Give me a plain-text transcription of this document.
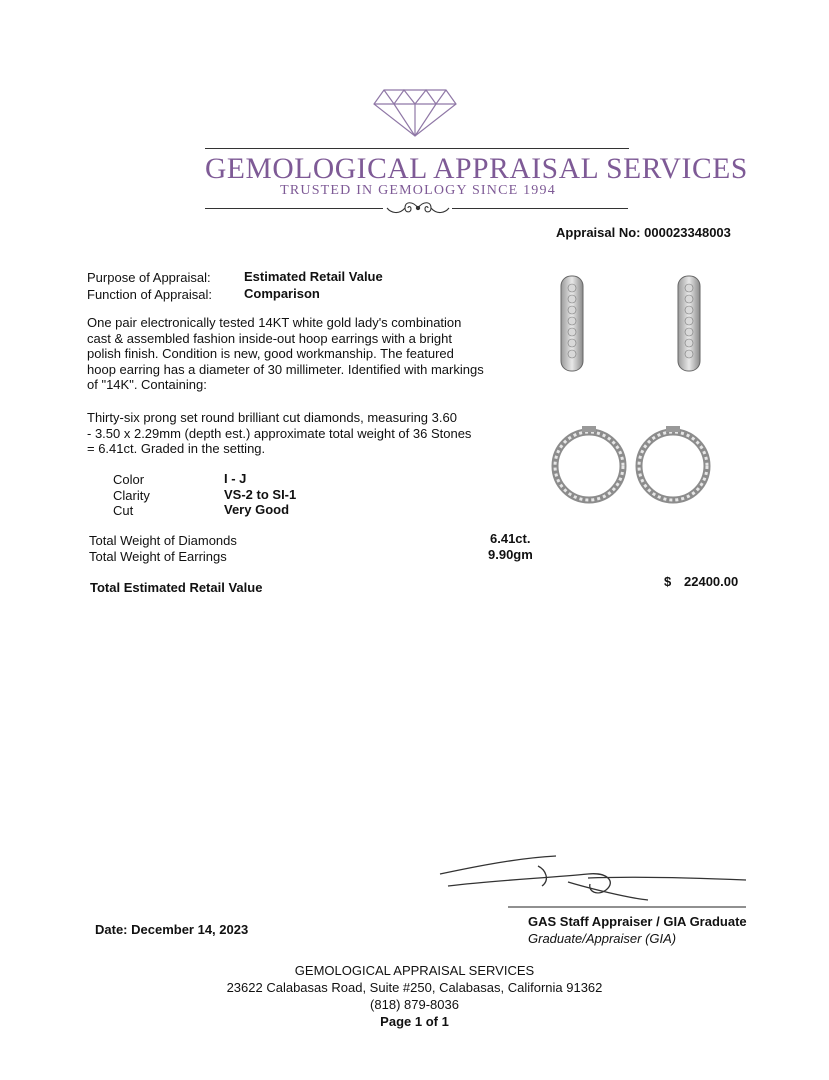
GEMOLOGICAL APPRAISAL SERVICES
TRUSTED IN GEMOLOGY SINCE 1994
Appraisal No: 000023348003
Purpose of Appraisal:	Estimated Retail Value
Function of Appraisal: Comparison
One pair electronically tested 14KT white gold lady's combination
cast & assembled fashion inside-out hoop earrings with a bright
polish finish. Condition is new, good workmanship. The featured
hoop earring has a diameter of 30 millimeter. Identified with markings
of "14K". Containing:
Thirty-six prong set round brilliant cut diamonds, measuring 3.60
- 3.50 x 2.29mm (depth est.) approximate total weight of 36 Stones
= 6.41ct. Graded in the setting.
Color	I - J
Clarity	VS-2 to SI-1
Cut	Very Good
Total Weight of Diamonds	6.41ct.
Total Weight of Earrings	9.90gm
Total Estimated Retail Value	$ 22400.00
Date: December 14, 2023
GAS Staff Appraiser / GIA Graduate
Graduate/Appraiser (GIA)
GEMOLOGICAL APPRAISAL SERVICES
23622 Calabasas Road, Suite #250, Calabasas, California 91362
(818) 879-8036
Page 1 of 1
